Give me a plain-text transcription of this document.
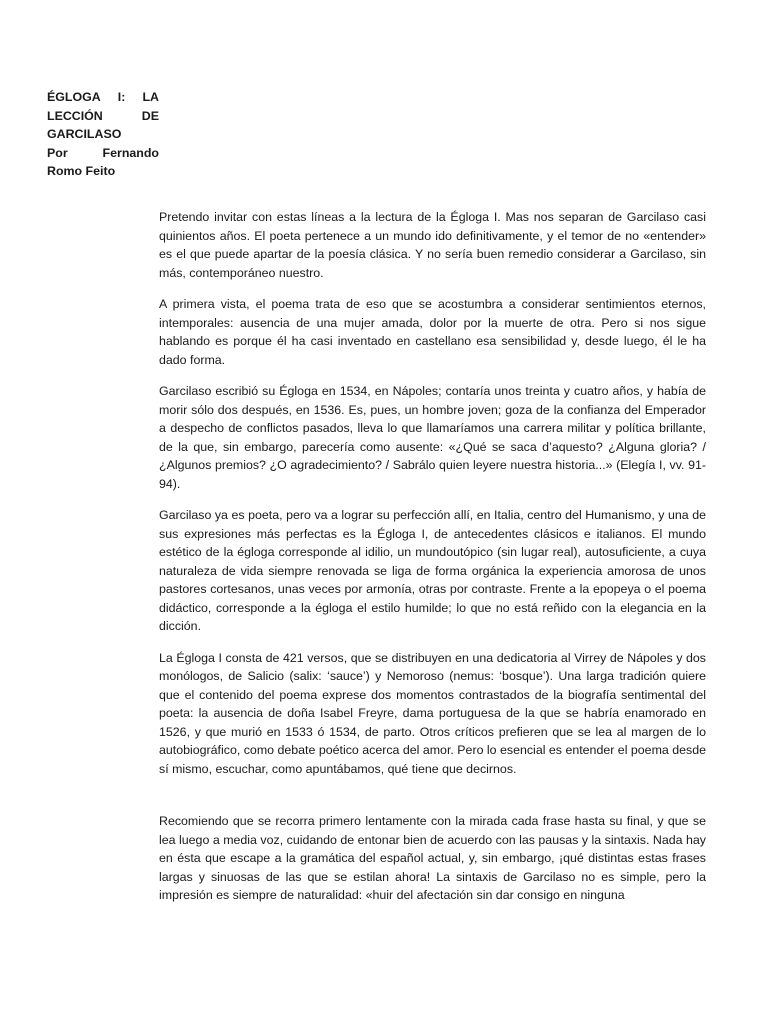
ÉGLOGA I: LA
LECCIÓN	DE
GARCILASO
Por	Fernando
Romo Feito

Pretendo invitar con estas líneas a la lectura de la Égloga I. Mas nos separan de Garcilaso casi quinientos años. El poeta pertenece a un mundo ido definitivamente, y el temor de no «entender» es el que puede apartar de la poesía clásica. Y no sería buen remedio considerar a Garcilaso, sin más, contemporáneo nuestro.

A primera vista, el poema trata de eso que se acostumbra a considerar sentimientos eternos, intemporales: ausencia de una mujer amada, dolor por la muerte de otra. Pero si nos sigue hablando es porque él ha casi inventado en castellano esa sensibilidad y, desde luego, él le ha dado forma.

Garcilaso escribió su Égloga en 1534, en Nápoles; contaría unos treinta y cuatro años, y había de morir sólo dos después, en 1536. Es, pues, un hombre joven; goza de la confianza del Emperador a despecho de conflictos pasados, lleva lo que llamaríamos una carrera militar y política brillante, de la que, sin embargo, parecería como ausente: «¿Qué se saca d’aquesto? ¿Alguna gloria? / ¿Algunos premios? ¿O agradecimiento? / Sabrálo quien leyere nuestra historia...» (Elegía I, vv. 91-94).

Garcilaso ya es poeta, pero va a lograr su perfección allí, en Italia, centro del Humanismo, y una de sus expresiones más perfectas es la Égloga I, de antecedentes clásicos e italianos. El mundo estético de la égloga corresponde al idilio, un mundoutópico (sin lugar real), autosuficiente, a cuya naturaleza de vida siempre renovada se liga de forma orgánica la experiencia amorosa de unos pastores cortesanos, unas veces por armonía, otras por contraste. Frente a la epopeya o el poema didáctico, corresponde a la égloga el estilo humilde; lo que no está reñido con la elegancia en la dicción.

La Égloga I consta de 421 versos, que se distribuyen en una dedicatoria al Virrey de Nápoles y dos monólogos, de Salicio (salix: ‘sauce’) y Nemoroso (nemus: ‘bosque’). Una larga tradición quiere que el contenido del poema exprese dos momentos contrastados de la biografía sentimental del poeta: la ausencia de doña Isabel Freyre, dama portuguesa de la que se habría enamorado en 1526, y que murió en 1533 ó 1534, de parto. Otros críticos prefieren que se lea al margen de lo autobiográfico, como debate poético acerca del amor. Pero lo esencial es entender el poema desde sí mismo, escuchar, como apuntábamos, qué tiene que decirnos.

Recomiendo que se recorra primero lentamente con la mirada cada frase hasta su final, y que se lea luego a media voz, cuidando de entonar bien de acuerdo con las pausas y la sintaxis. Nada hay en ésta que escape a la gramática del español actual, y, sin embargo, ¡qué distintas estas frases largas y sinuosas de las que se estilan ahora! La sintaxis de Garcilaso no es simple, pero la impresión es siempre de naturalidad: «huir del afectación sin dar consigo en ninguna
